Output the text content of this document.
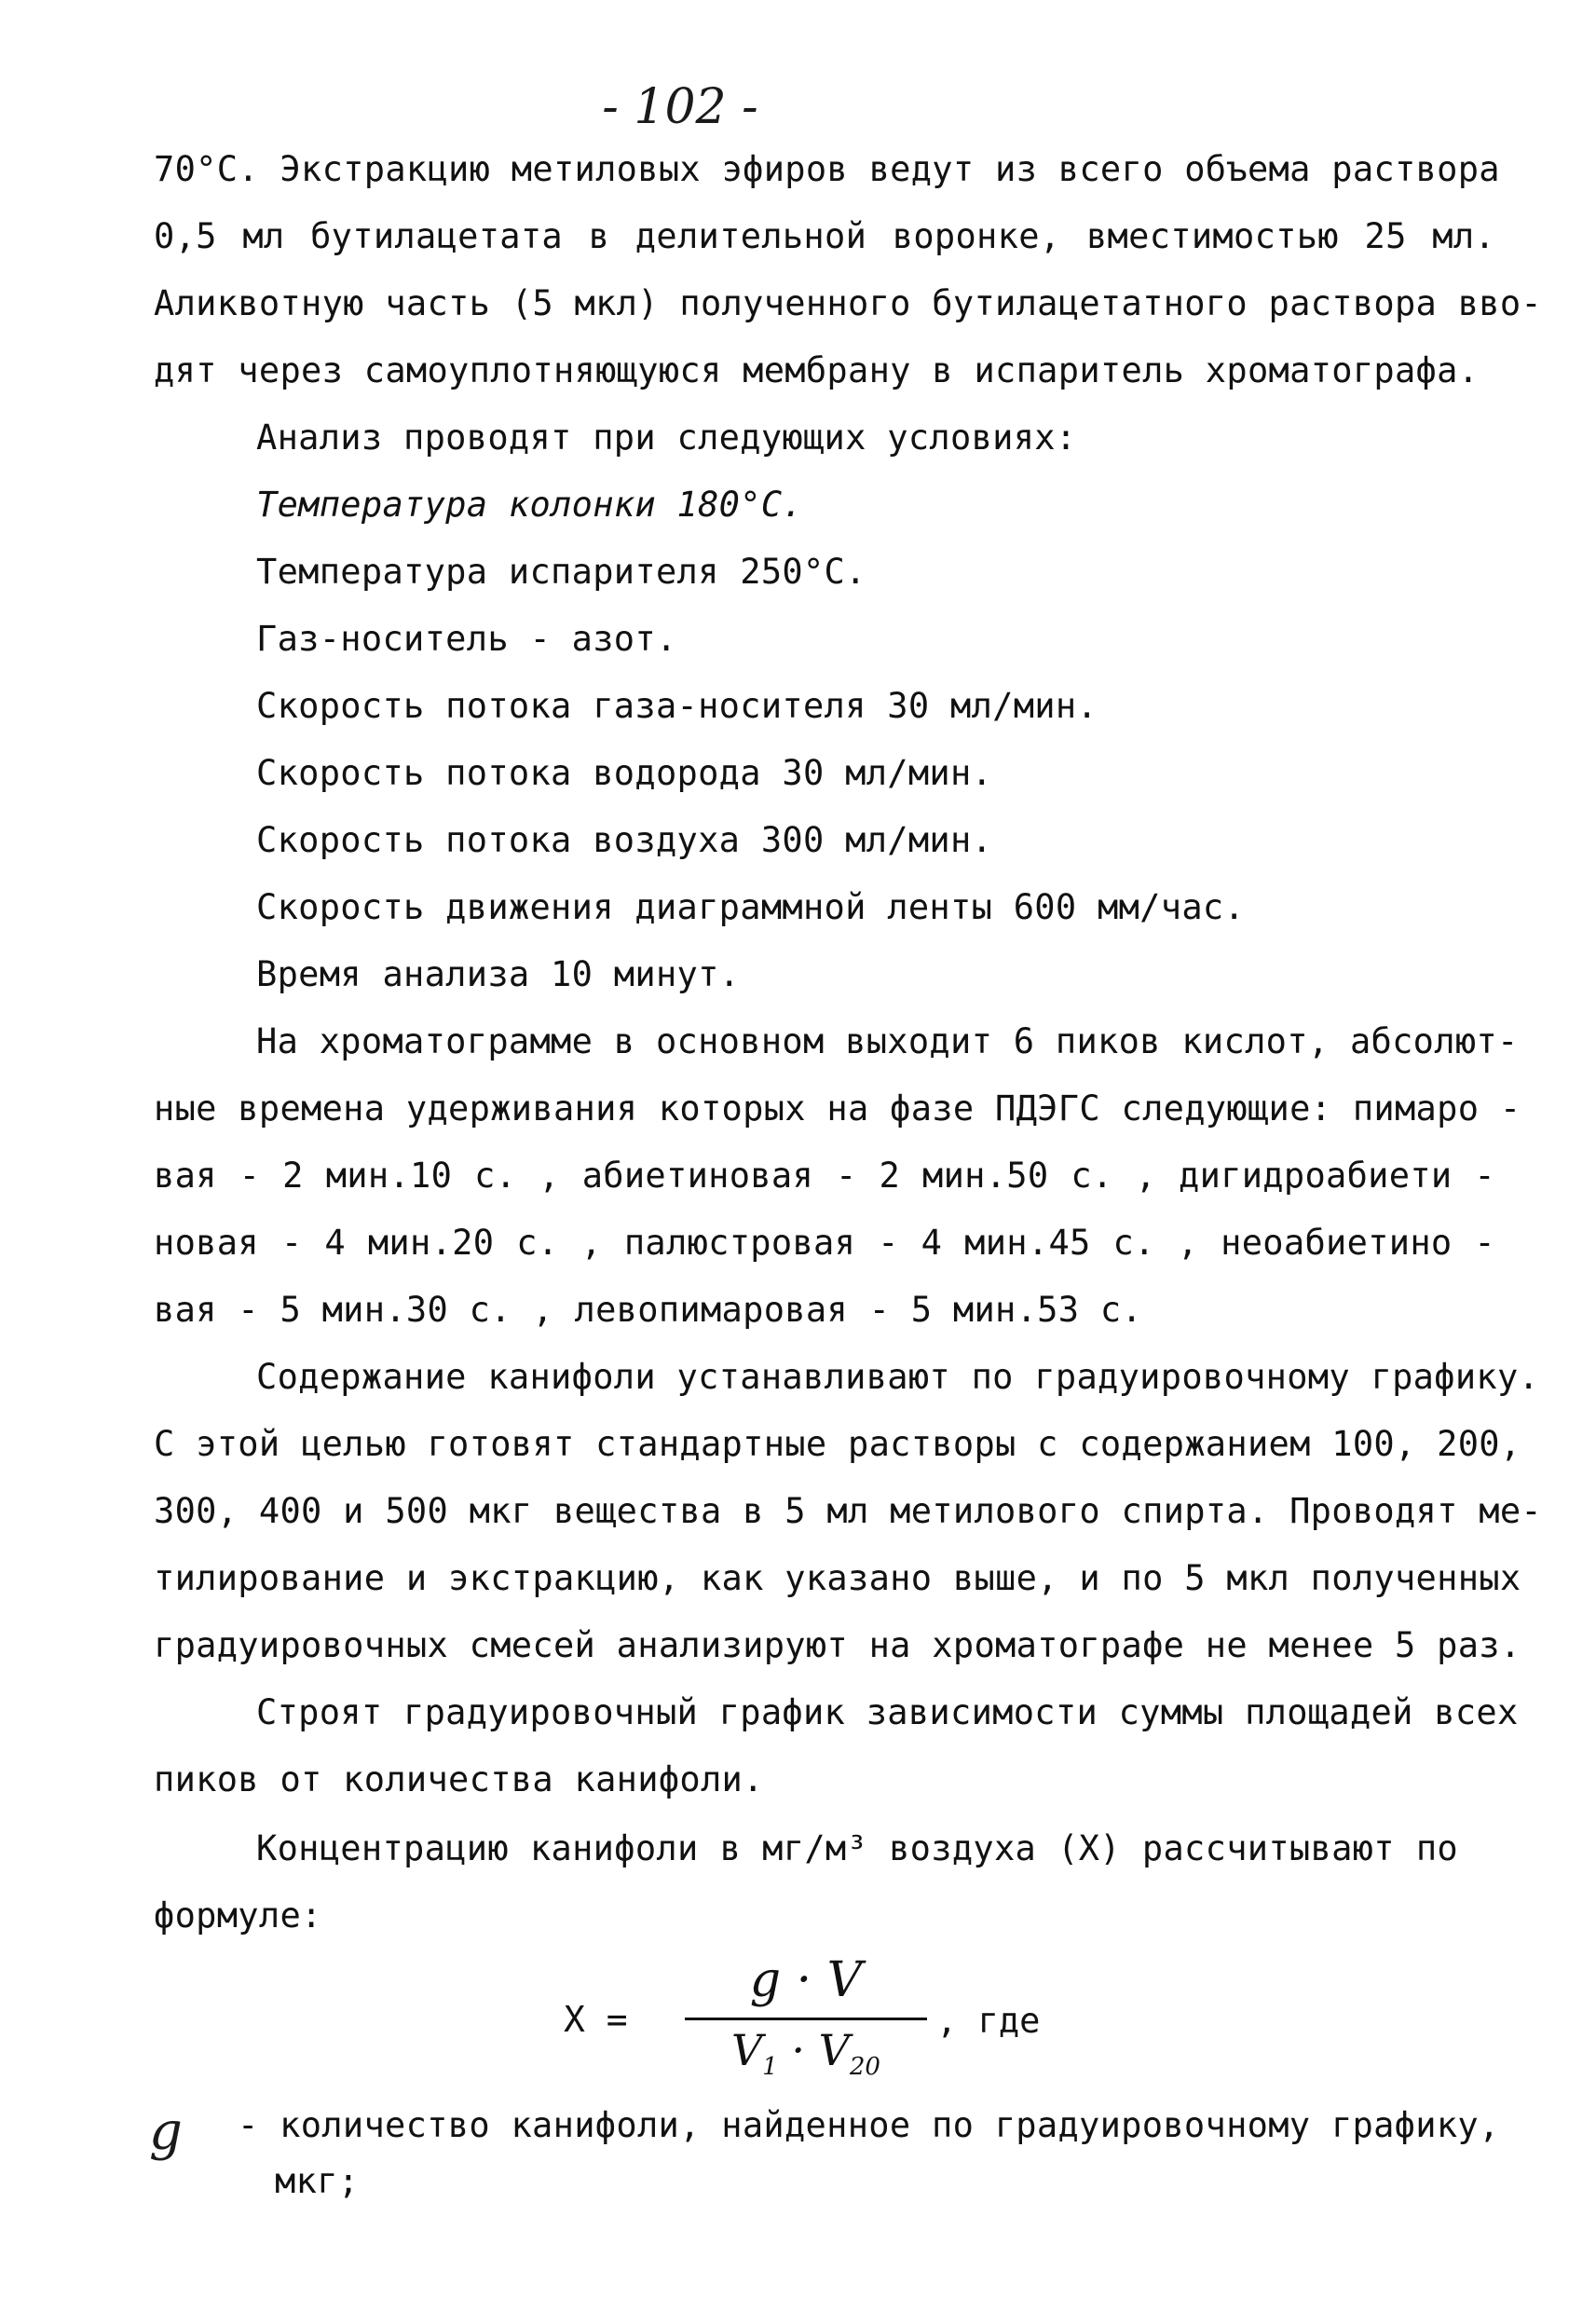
- 102 -
70°С. Экстракцию метиловых эфиров ведут из всего объема раствора
0,5 мл бутилацетата в делительной воронке, вместимостью 25 мл.
Аликвотную часть (5 мкл) полученного бутилацетатного раствора вво-
дят через самоуплотняющуюся мембрану в испаритель хроматографа.
Анализ проводят при следующих условиях:
Температура колонки 180°С.
Температура испарителя 250°С.
Газ-носитель - азот.
Скорость потока газа-носителя 30 мл/мин.
Скорость потока водорода 30 мл/мин.
Скорость потока воздуха 300 мл/мин.
Скорость движения диаграммной ленты 600 мм/час.
Время анализа 10 минут.
На хроматограмме в основном выходит 6 пиков кислот, абсолют-
ные времена удерживания которых на фазе ПДЭГС следующие: пимаро -
вая - 2 мин.10 с. , абиетиновая - 2 мин.50 с. , дигидроабиети -
новая - 4 мин.20 с. , палюстровая - 4 мин.45 с. , неоабиетино -
вая - 5 мин.30 с. , левопимаровая - 5 мин.53 с.
Содержание канифоли устанавливают по градуировочному графику.
С этой целью готовят стандартные растворы с содержанием 100, 200,
300, 400 и 500 мкг вещества в 5 мл метилового спирта. Проводят ме-
тилирование и экстракцию, как указано выше, и по 5 мкл полученных
градуировочных смесей анализируют на хроматографе не менее 5 раз.
Строят градуировочный график зависимости суммы площадей всех
пиков от количества канифоли.
Концентрацию канифоли в мг/м³ воздуха (Х) рассчитывают по
формуле:
Х =
g · V
$V_1 \cdot V_{20}$
, где
g - количество канифоли, найденное по градуировочному графику,
мкг;
